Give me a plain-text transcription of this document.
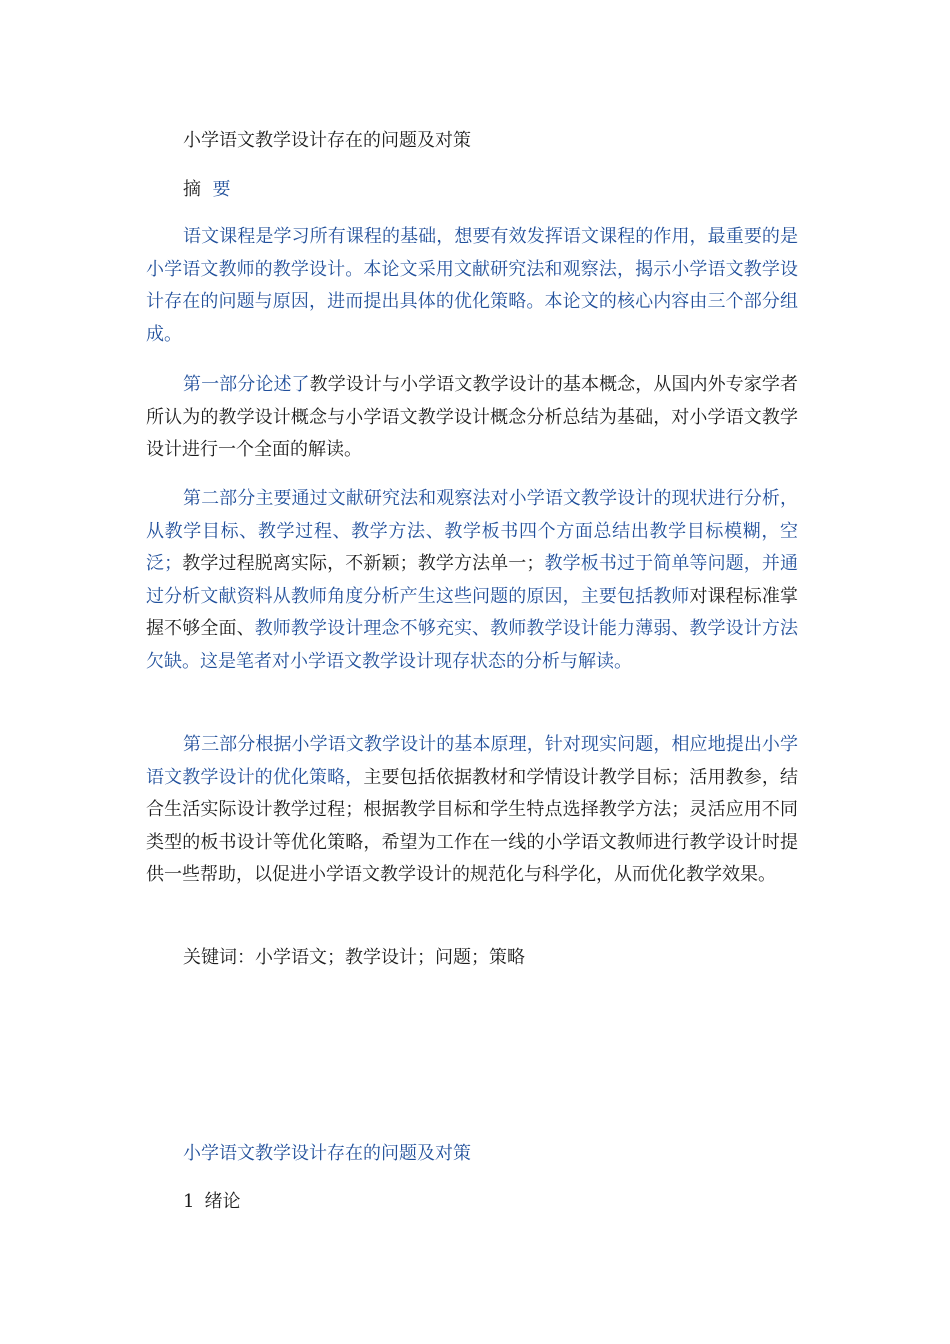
小学语文教学设计存在的问题及对策
摘 要

语文课程是学习所有课程的基础，想要有效发挥语文课程的作用，最重要的是小学语文教师的教学设计。本论文采用文献研究法和观察法，揭示小学语文教学设计存在的问题与原因，进而提出具体的优化策略。本论文的核心内容由三个部分组成。

第一部分论述了教学设计与小学语文教学设计的基本概念，从国内外专家学者所认为的教学设计概念与小学语文教学设计概念分析总结为基础，对小学语文教学设计进行一个全面的解读。

第二部分主要通过文献研究法和观察法对小学语文教学设计的现状进行分析，从教学目标、教学过程、教学方法、教学板书四个方面总结出教学目标模糊，空泛；教学过程脱离实际，不新颖；教学方法单一；教学板书过于简单等问题，并通过分析文献资料从教师角度分析产生这些问题的原因，主要包括教师对课程标准掌握不够全面、教师教学设计理念不够充实、教师教学设计能力薄弱、教学设计方法欠缺。这是笔者对小学语文教学设计现存状态的分析与解读。

第三部分根据小学语文教学设计的基本原理，针对现实问题，相应地提出小学语文教学设计的优化策略，主要包括依据教材和学情设计教学目标；活用教参，结合生活实际设计教学过程；根据教学目标和学生特点选择教学方法；灵活应用不同类型的板书设计等优化策略，希望为工作在一线的小学语文教师进行教学设计时提供一些帮助，以促进小学语文教学设计的规范化与科学化，从而优化教学效果。

关键词：小学语文；教学设计；问题；策略
小学语文教学设计存在的问题及对策
1 绪论
